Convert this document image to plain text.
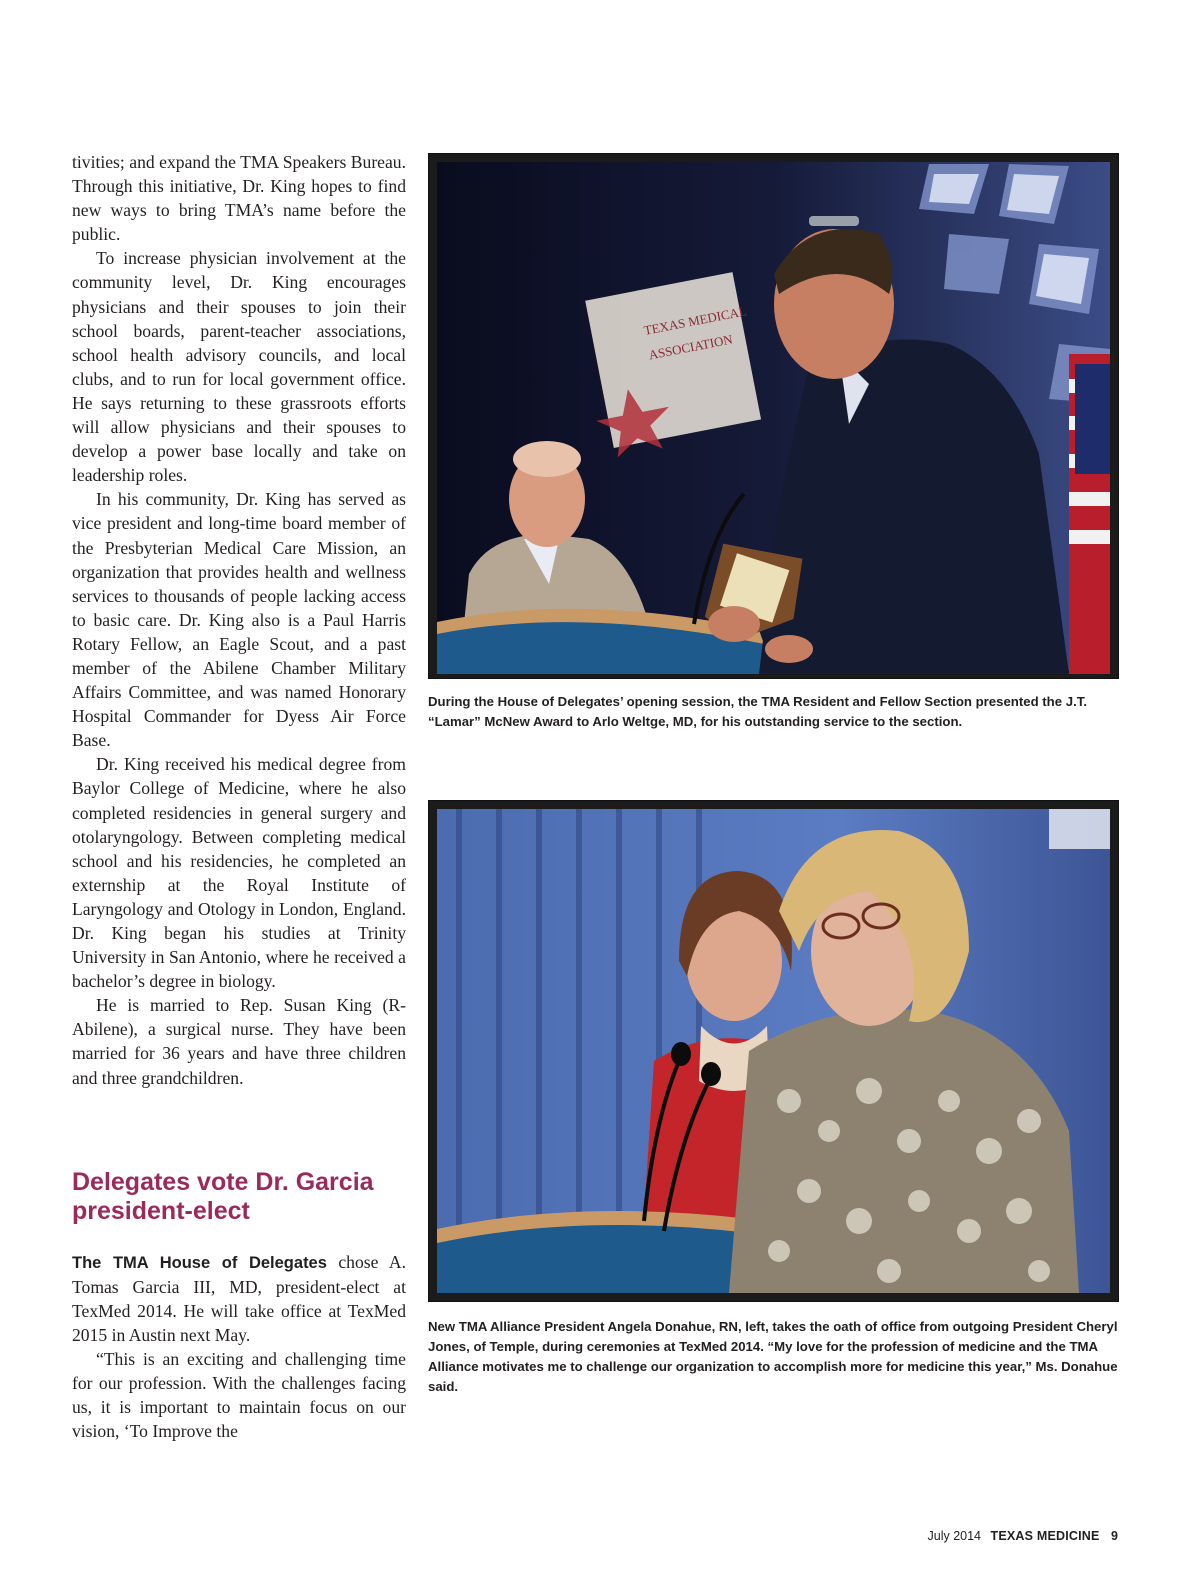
tivities; and expand the TMA Speakers Bureau. Through this initiative, Dr. King hopes to find new ways to bring TMA’s name before the public.

To increase physician involvement at the community level, Dr. King encourages physicians and their spouses to join their school boards, parent-teacher associations, school health advisory councils, and local clubs, and to run for local government office. He says returning to these grassroots efforts will allow physicians and their spouses to develop a power base locally and take on leadership roles.

In his community, Dr. King has served as vice president and long-time board member of the Presbyterian Medical Care Mission, an organization that provides health and wellness services to thousands of people lacking access to basic care. Dr. King also is a Paul Harris Rotary Fellow, an Eagle Scout, and a past member of the Abilene Chamber Military Affairs Committee, and was named Honorary Hospital Commander for Dyess Air Force Base.

Dr. King received his medical degree from Baylor College of Medicine, where he also completed residencies in general surgery and otolaryngology. Between completing medical school and his residencies, he completed an externship at the Royal Institute of Laryngology and Otology in London, England. Dr. King began his studies at Trinity University in San Antonio, where he received a bachelor’s degree in biology.

He is married to Rep. Susan King (R-Abilene), a surgical nurse. They have been married for 36 years and have three children and three grandchildren.

Delegates vote Dr. Garcia president-elect

The TMA House of Delegates chose A. Tomas Garcia III, MD, president-elect at TexMed 2014. He will take office at TexMed 2015 in Austin next May.

“This is an exciting and challenging time for our profession. With the challenges facing us, it is important to maintain focus on our vision, ‘To Improve the

TEXAS MEDICAL
ASSOCIATION
During the House of Delegates’ opening session, the TMA Resident and Fellow Section presented the J.T. “Lamar” McNew Award to Arlo Weltge, MD, for his outstanding service to the section.
New TMA Alliance President Angela Donahue, RN, left, takes the oath of office from outgoing President Cheryl Jones, of Temple, during ceremonies at TexMed 2014. “My love for the profession of medicine and the TMA Alliance motivates me to challenge our organization to accomplish more for medicine this year,” Ms. Donahue said.
July 2014 TEXAS MEDICINE 9
